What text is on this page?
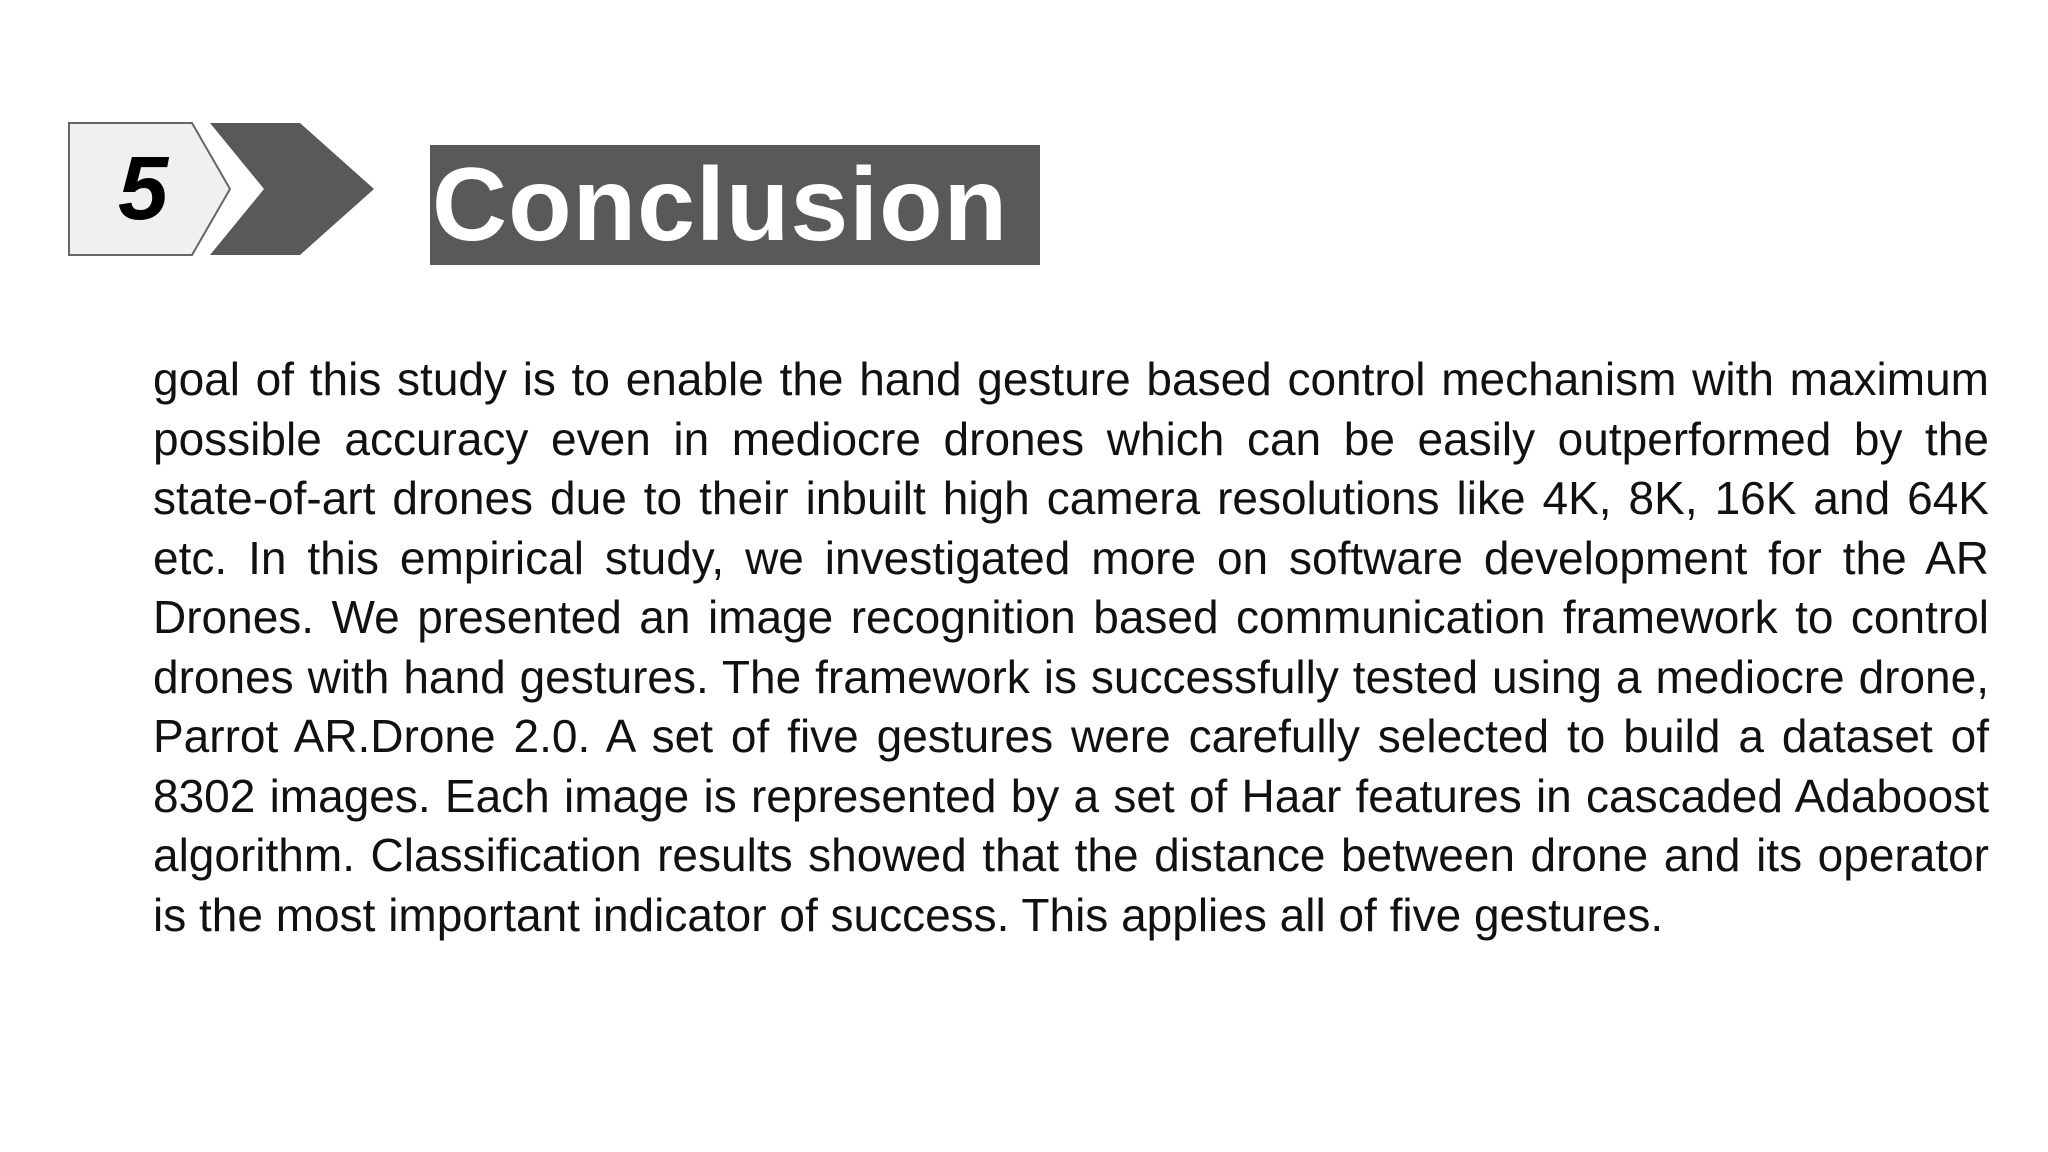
5	Conclusion

goal of this study is to enable the hand gesture based control mechanism with maximum possible accuracy even in mediocre drones which can be easily outperformed by the state-of-art drones due to their inbuilt high camera resolutions like 4K, 8K, 16K and 64K etc. In this empirical study, we investigated more on software development for the AR Drones. We presented an image recognition based communication framework to control drones with hand gestures. The framework is successfully tested using a mediocre drone, Parrot AR.Drone 2.0. A set of five gestures were carefully selected to build a dataset of 8302 images. Each image is represented by a set of Haar features in cascaded Adaboost algorithm. Classification results showed that the distance between drone and its operator is the most important indicator of success. This applies all of five gestures.
